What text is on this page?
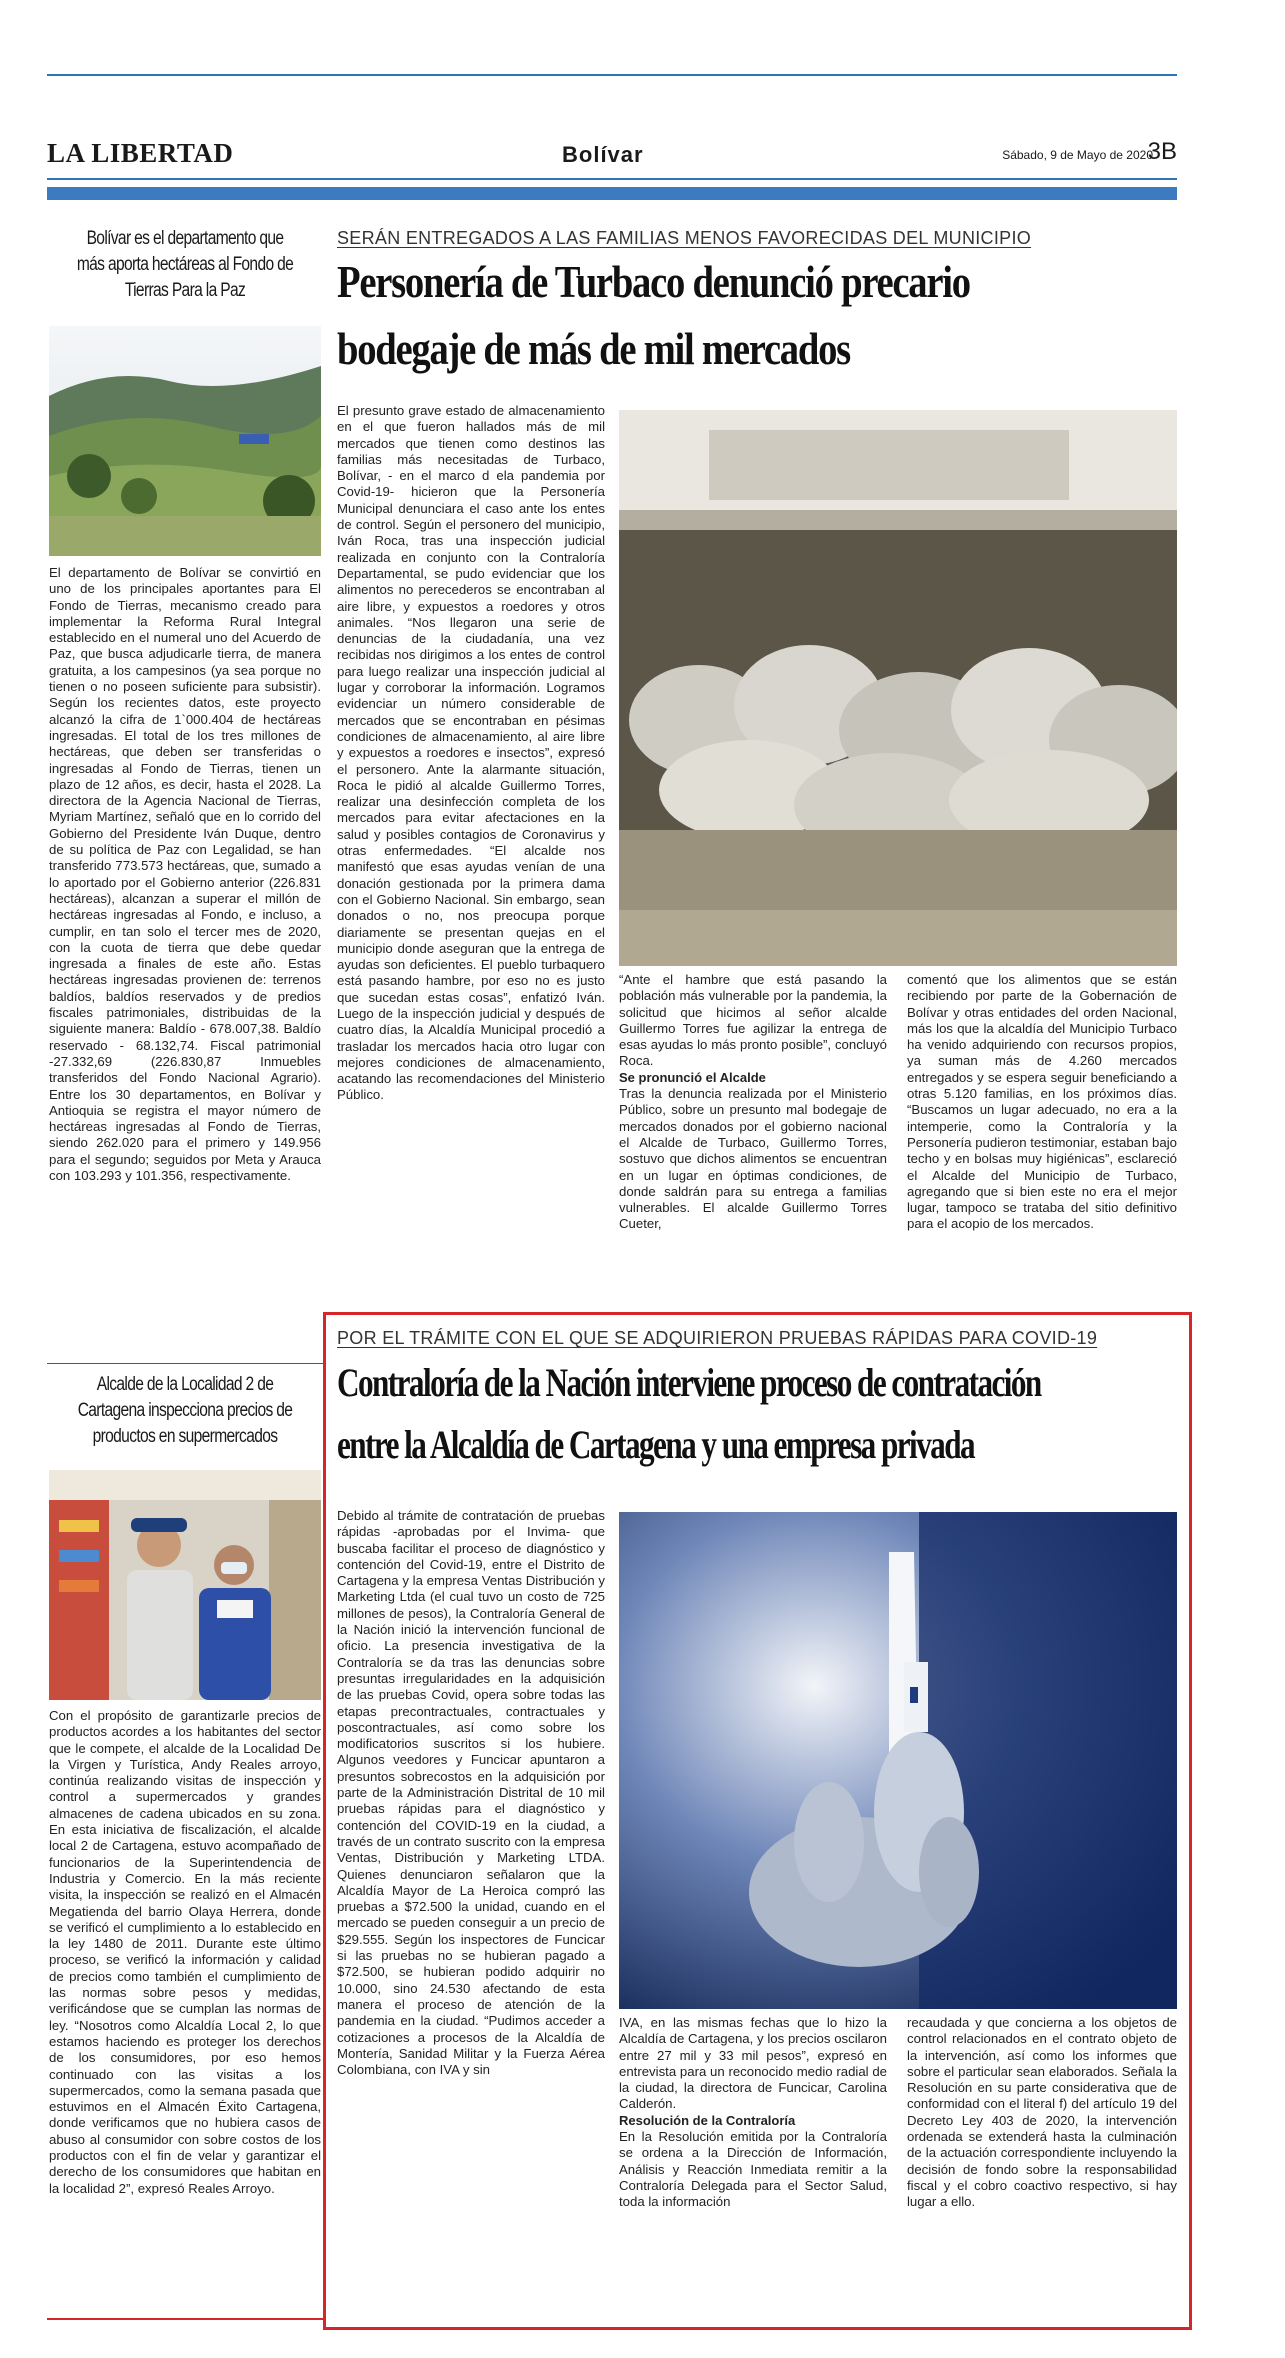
LA LIBERTAD	Bolívar	Sábado, 9 de Mayo de 2020
3B
Bolívar es el departamento que más aporta hectáreas al Fondo de Tierras Para la Paz

El departamento de Bolívar se convirtió en uno de los principales aportantes para El Fondo de Tierras, mecanismo creado para implementar la Reforma Rural Integral establecido en el numeral uno del Acuerdo de Paz, que busca adjudicarle tierra, de manera gratuita, a los campesinos (ya sea porque no tienen o no poseen suficiente para subsistir). Según los recientes datos, este proyecto alcanzó la cifra de 1`000.404 de hectáreas ingresadas. El total de los tres millones de hectáreas, que deben ser transferidas o ingresadas al Fondo de Tierras, tienen un plazo de 12 años, es decir, hasta el 2028. La directora de la Agencia Nacional de Tierras, Myriam Martínez, señaló que en lo corrido del Gobierno del Presidente Iván Duque, dentro de su política de Paz con Legalidad, se han transferido 773.573 hectáreas, que, sumado a lo aportado por el Gobierno anterior (226.831 hectáreas), alcanzan a superar el millón de hectáreas ingresadas al Fondo, e incluso, a cumplir, en tan solo el tercer mes de 2020, con la cuota de tierra que debe quedar ingresada a finales de este año. Estas hectáreas ingresadas provienen de: terrenos baldíos, baldíos reservados y de predios fiscales patrimoniales, distribuidas de la siguiente manera: Baldío - 678.007,38. Baldío reservado - 68.132,74. Fiscal patrimonial -27.332,69 (226.830,87 Inmuebles transferidos del Fondo Nacional Agrario). Entre los 30 departamentos, en Bolívar y Antioquia se registra el mayor número de hectáreas ingresadas al Fondo de Tierras, siendo 262.020 para el primero y 149.956 para el segundo; seguidos por Meta y Arauca con 103.293 y 101.356, respectivamente.

Alcalde de la Localidad 2 de Cartagena inspecciona precios de productos en supermercados

Con el propósito de garantizarle precios de productos acordes a los habitantes del sector que le compete, el alcalde de la Localidad De la Virgen y Turística, Andy Reales arroyo, continúa realizando visitas de inspección y control a supermercados y grandes almacenes de cadena ubicados en su zona. En esta iniciativa de fiscalización, el alcalde local 2 de Cartagena, estuvo acompañado de funcionarios de la Superintendencia de Industria y Comercio. En la más reciente visita, la inspección se realizó en el Almacén Megatienda del barrio Olaya Herrera, donde se verificó el cumplimiento a lo establecido en la ley 1480 de 2011. Durante este último proceso, se verificó la información y calidad de precios como también el cumplimiento de las normas sobre pesos y medidas, verificándose que se cumplan las normas de ley. “Nosotros como Alcaldía Local 2, lo que estamos haciendo es proteger los derechos de los consumidores, por eso hemos continuado con las visitas a los supermercados, como la semana pasada que estuvimos en el Almacén Éxito Cartagena, donde verificamos que no hubiera casos de abuso al consumidor con sobre costos de los productos con el fin de velar y garantizar el derecho de los consumidores que habitan en la localidad 2”, expresó Reales Arroyo.

SERÁN ENTREGADOS A LAS FAMILIAS MENOS FAVORECIDAS DEL MUNICIPIO
Personería de Turbaco denunció precario
bodegaje de más de mil mercados

El presunto grave estado de almacenamiento en el que fueron hallados más de mil mercados que tienen como destinos las familias más necesitadas de Turbaco, Bolívar, - en el marco d ela pandemia por Covid-19- hicieron que la Personería Municipal denunciara el caso ante los entes de control. Según el personero del municipio, Iván Roca, tras una inspección judicial realizada en conjunto con la Contraloría Departamental, se pudo evidenciar que los alimentos no perecederos se encontraban al aire libre, y expuestos a roedores y otros animales. “Nos llegaron una serie de denuncias de la ciudadanía, una vez recibidas nos dirigimos a los entes de control para luego realizar una inspección judicial al lugar y corroborar la información. Logramos evidenciar un número considerable de mercados que se encontraban en pésimas condiciones de almacenamiento, al aire libre y expuestos a roedores e insectos”, expresó el personero. Ante la alarmante situación, Roca le pidió al alcalde Guillermo Torres, realizar una desinfección completa de los mercados para evitar afectaciones en la salud y posibles contagios de Coronavirus y otras enfermedades. “El alcalde nos manifestó que esas ayudas venían de una donación gestionada por la primera dama con el Gobierno Nacional. Sin embargo, sean donados o no, nos preocupa porque diariamente se presentan quejas en el municipio donde aseguran que la entrega de ayudas son deficientes. El pueblo turbaquero está pasando hambre, por eso no es justo que sucedan estas cosas”, enfatizó Iván. Luego de la inspección judicial y después de cuatro días, la Alcaldía Municipal procedió a trasladar los mercados hacia otro lugar con mejores condiciones de almacenamiento, acatando las recomendaciones del Ministerio Público.

“Ante el hambre que está pasando la población más vulnerable por la pandemia, la solicitud que hicimos al señor alcalde Guillermo Torres fue agilizar la entrega de esas ayudas lo más pronto posible”, concluyó Roca.

Se pronunció el Alcalde

Tras la denuncia realizada por el Ministerio Público, sobre un presunto mal bodegaje de mercados donados por el gobierno nacional el Alcalde de Turbaco, Guillermo Torres, sostuvo que dichos alimentos se encuentran en un lugar en óptimas condiciones, de donde saldrán para su entrega a familias vulnerables. El alcalde Guillermo Torres Cueter,

comentó que los alimentos que se están recibiendo por parte de la Gobernación de Bolívar y otras entidades del orden Nacional, más los que la alcaldía del Municipio Turbaco ha venido adquiriendo con recursos propios, ya suman más de 4.260 mercados entregados y se espera seguir beneficiando a otras 5.120 familias, en los próximos días. “Buscamos un lugar adecuado, no era a la intemperie, como la Contraloría y la Personería pudieron testimoniar, estaban bajo techo y en bolsas muy higiénicas”, esclareció el Alcalde del Municipio de Turbaco, agregando que si bien este no era el mejor lugar, tampoco se trataba del sitio definitivo para el acopio de los mercados.

POR EL TRÁMITE CON EL QUE SE ADQUIRIERON PRUEBAS RÁPIDAS PARA COVID-19
Contraloría de la Nación interviene proceso de contratación
entre la Alcaldía de Cartagena y una empresa privada

Debido al trámite de contratación de pruebas rápidas -aprobadas por el Invima- que buscaba facilitar el proceso de diagnóstico y contención del Covid-19, entre el Distrito de Cartagena y la empresa Ventas Distribución y Marketing Ltda (el cual tuvo un costo de 725 millones de pesos), la Contraloría General de la Nación inició la intervención funcional de oficio. La presencia investigativa de la Contraloría se da tras las denuncias sobre presuntas irregularidades en la adquisición de las pruebas Covid, opera sobre todas las etapas precontractuales, contractuales y poscontractuales, así como sobre los modificatorios suscritos si los hubiere. Algunos veedores y Funcicar apuntaron a presuntos sobrecostos en la adquisición por parte de la Administración Distrital de 10 mil pruebas rápidas para el diagnóstico y contención del COVID-19 en la ciudad, a través de un contrato suscrito con la empresa Ventas, Distribución y Marketing LTDA. Quienes denunciaron señalaron que la Alcaldía Mayor de La Heroica compró las pruebas a $72.500 la unidad, cuando en el mercado se pueden conseguir a un precio de $29.555. Según los inspectores de Funcicar si las pruebas no se hubieran pagado a $72.500, se hubieran podido adquirir no 10.000, sino 24.530 afectando de esta manera el proceso de atención de la pandemia en la ciudad. “Pudimos acceder a cotizaciones a procesos de la Alcaldía de Montería, Sanidad Militar y la Fuerza Aérea Colombiana, con IVA y sin

IVA, en las mismas fechas que lo hizo la Alcaldía de Cartagena, y los precios oscilaron entre 27 mil y 33 mil pesos”, expresó en entrevista para un reconocido medio radial de la ciudad, la directora de Funcicar, Carolina Calderón.

Resolución de la Contraloría

En la Resolución emitida por la Contraloría se ordena a la Dirección de Información, Análisis y Reacción Inmediata remitir a la Contraloría Delegada para el Sector Salud, toda la información

recaudada y que concierna a los objetos de control relacionados en el contrato objeto de la intervención, así como los informes que sobre el particular sean elaborados. Señala la Resolución en su parte considerativa que de conformidad con el literal f) del artículo 19 del Decreto Ley 403 de 2020, la intervención ordenada se extenderá hasta la culminación de la actuación correspondiente incluyendo la decisión de fondo sobre la responsabilidad fiscal y el cobro coactivo respectivo, si hay lugar a ello.
